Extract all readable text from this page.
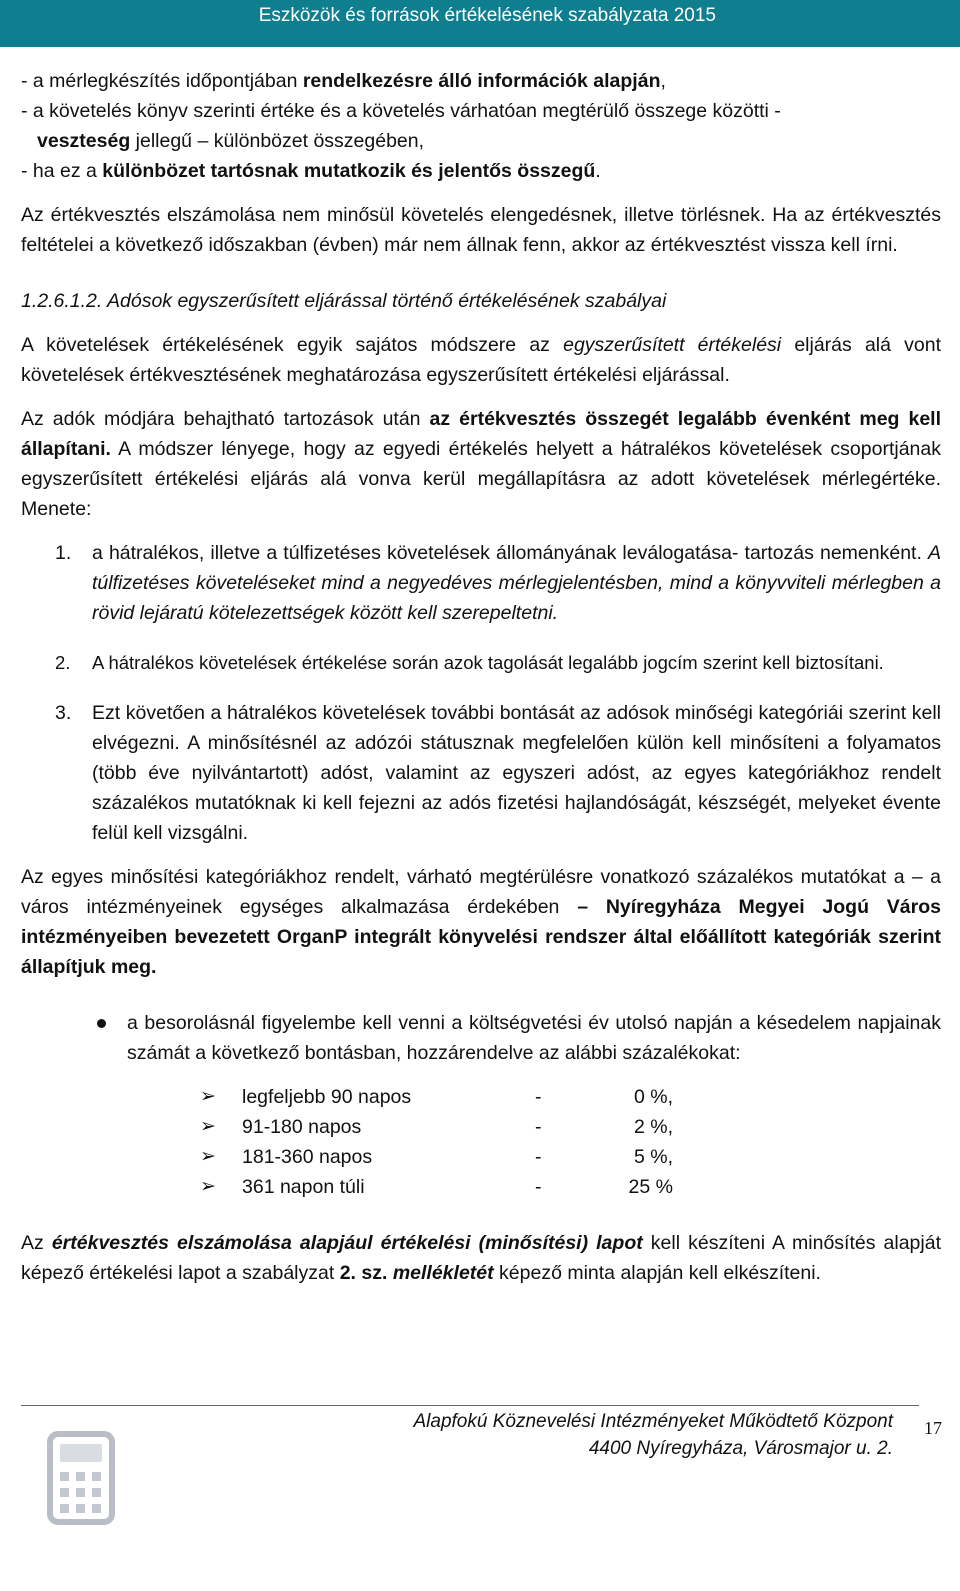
Eszközök és források értékelésének szabályzata 2015

- a mérlegkészítés időpontjában rendelkezésre álló információk alapján,

- a követelés könyv szerinti értéke és a követelés várhatóan megtérülő összege közötti -
veszteség jellegű – különbözet összegében,

- ha ez a különbözet tartósnak mutatkozik és jelentős összegű.

Az értékvesztés elszámolása nem minősül követelés elengedésnek, illetve törlésnek. Ha az értékvesztés feltételei a következő időszakban (évben) már nem állnak fenn, akkor az értékvesztést vissza kell írni.

1.2.6.1.2. Adósok egyszerűsített eljárással történő értékelésének szabályai

A követelések értékelésének egyik sajátos módszere az egyszerűsített értékelési eljárás alá vont követelések értékvesztésének meghatározása egyszerűsített értékelési eljárással.

Az adók módjára behajtható tartozások után az értékvesztés összegét legalább évenként meg kell állapítani. A módszer lényege, hogy az egyedi értékelés helyett a hátralékos követelések csoportjának egyszerűsített értékelési eljárás alá vonva kerül megállapításra az adott követelések mérlegértéke. Menete:

1. a hátralékos, illetve a túlfizetéses követelések állományának leválogatása- tartozás nemenként. A túlfizetéses követeléseket mind a negyedéves mérlegjelentésben, mind a könyvviteli mérlegben a rövid lejáratú kötelezettségek között kell szerepeltetni.
2. A hátralékos követelések értékelése során azok tagolását legalább jogcím szerint kell biztosítani.
3. Ezt követően a hátralékos követelések további bontását az adósok minőségi kategóriái szerint kell elvégezni. A minősítésnél az adózói státusznak megfelelően külön kell minősíteni a folyamatos (több éve nyilvántartott) adóst, valamint az egyszeri adóst, az egyes kategóriákhoz rendelt százalékos mutatóknak ki kell fejezni az adós fizetési hajlandóságát, készségét, melyeket évente felül kell vizsgálni.

Az egyes minősítési kategóriákhoz rendelt, várható megtérülésre vonatkozó százalékos mutatókat a – a város intézményeinek egységes alkalmazása érdekében – Nyíregyháza Megyei Jogú Város intézményeiben bevezetett OrganP integrált könyvelési rendszer által előállított kategóriák szerint állapítjuk meg.

a besorolásnál figyelembe kell venni a költségvetési év utolsó napján a késedelem napjainak számát a következő bontásban, hozzárendelve az alábbi százalékokat:
➢ legfeljebb 90 napos	-	0 %,
➢ 91-180 napos	-	2 %,
➢ 181-360 napos	-	5 %,
➢ 361 napon túli	-	25 %

Az értékvesztés elszámolása alapjául értékelési (minősítési) lapot kell készíteni A minősítés alapját képező értékelési lapot a szabályzat 2. sz. mellékletét képező minta alapján kell elkészíteni.

Alapfokú Köznevelési Intézményeket Működtető Központ
4400 Nyíregyháza, Városmajor u. 2.
17
